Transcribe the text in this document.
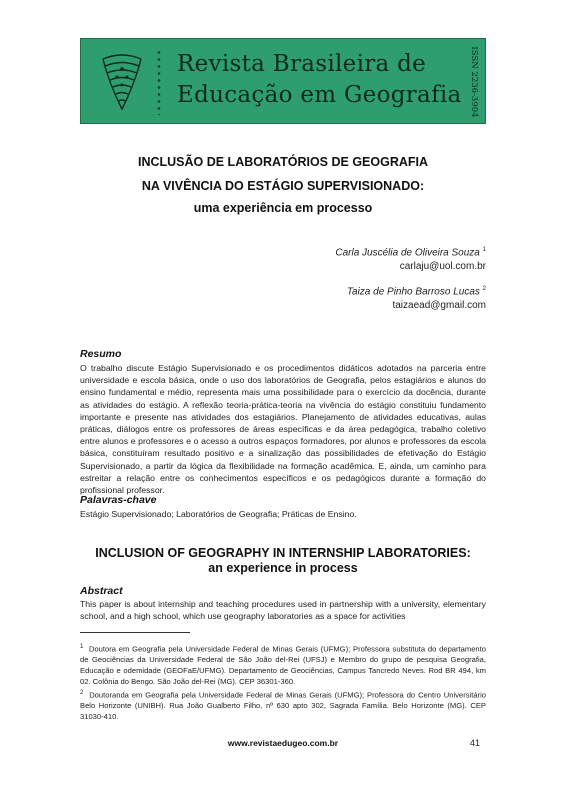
Revista Brasileira de
Educação em Geografia ISSN 2236-3904
INCLUSÃO DE LABORATÓRIOS DE GEOGRAFIA
NA VIVÊNCIA DO ESTÁGIO SUPERVISIONADO:
uma experiência em processo
Carla Juscélia de Oliveira Souza $^1$
carlaju@uol.com.br
Taiza de Pinho Barroso Lucas $^2$
taizaead@gmail.com
Resumo
O trabalho discute Estágio Supervisionado e os procedimentos didáticos adotados na parceria entre universidade e escola básica, onde o uso dos laboratórios de Geografia, pelos estagiários e alunos do ensino fundamental e médio, representa mais uma possibilidade para o exercício da docência, durante as atividades do estágio. A reflexão teoria-prática-teoria na vivência do estágio constituiu fundamento importante e presente nas atividades dos estagiários. Planejamento de atividades educativas, aulas práticas, diálogos entre os professores de áreas específicas e da área pedagógica, trabalho coletivo entre alunos e professores e o acesso a outros espaços formadores, por alunos e professores da escola básica, constituíram resultado positivo e a sinalização das possibilidades de efetivação do Estágio Supervisionado, a partir da lógica da flexibilidade na formação acadêmica. E, ainda, um caminho para estreitar a relação entre os conhecimentos específicos e os pedagógicos durante a formação do profissional professor.
Palavras-chave
Estágio Supervisionado; Laboratórios de Geografia; Práticas de Ensino.
INCLUSION OF GEOGRAPHY IN INTERNSHIP LABORATORIES:
an experience in process
Abstract
This paper is about internship and teaching procedures used in partnership with a university, elementary school, and a high school, which use geography laboratories as a space for activities
$^1$ Doutora em Geografia pela Universidade Federal de Minas Gerais (UFMG); Professora substituta do departamento de Geociências da Universidade Federal de São João del-Rei (UFSJ) e Membro do grupo de pesquisa Geografia, Educação e odemidade (GEOFaE/UFMG). Departamento de Geociências, Campus Tancredo Neves. Rod BR 494, km 02. Colônia do Bengo. São João del-Rei (MG). CEP 36301-360.
$^2$ Doutoranda em Geografia pela Universidade Federal de Minas Gerais (UFMG); Professora do Centro Universitário Belo Horizonte (UNIBH). Rua João Gualberto Filho, nº 630 apto 302, Sagrada Família. Belo Horizonte (MG). CEP 31030-410.
www.revistaedugeo.com.br	41
